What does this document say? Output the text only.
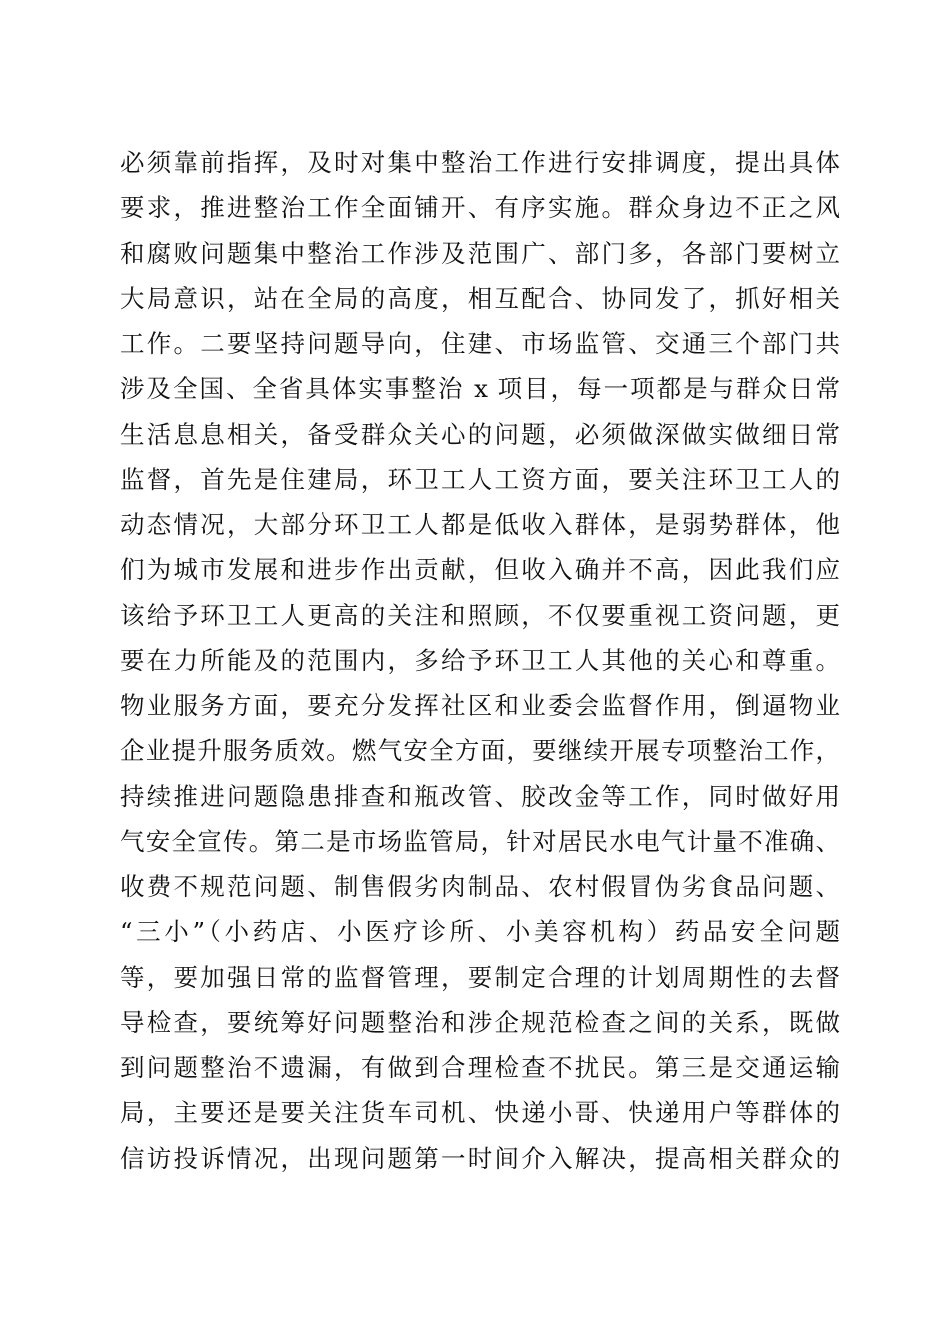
必须靠前指挥，及时对集中整治工作进行安排调度，提出具体
要求，推进整治工作全面铺开、有序实施。群众身边不正之风
和腐败问题集中整治工作涉及范围广、部门多，各部门要树立
大局意识，站在全局的高度，相互配合、协同发了，抓好相关
工作。二要坚持问题导向，住建、市场监管、交通三个部门共
涉及全国、全省具体实事整治 x 项目，每一项都是与群众日常
生活息息相关，备受群众关心的问题，必须做深做实做细日常
监督，首先是住建局，环卫工人工资方面，要关注环卫工人的
动态情况，大部分环卫工人都是低收入群体，是弱势群体，他
们为城市发展和进步作出贡献，但收入确并不高，因此我们应
该给予环卫工人更高的关注和照顾，不仅要重视工资问题，更
要在力所能及的范围内，多给予环卫工人其他的关心和尊重。
物业服务方面，要充分发挥社区和业委会监督作用，倒逼物业
企业提升服务质效。燃气安全方面，要继续开展专项整治工作，
持续推进问题隐患排查和瓶改管、胶改金等工作，同时做好用
气安全宣传。第二是市场监管局，针对居民水电气计量不准确、
收费不规范问题、制售假劣肉制品、农村假冒伪劣食品问题、
“三小”（小药店、小医疗诊所、小美容机构）药品安全问题
等，要加强日常的监督管理，要制定合理的计划周期性的去督
导检查，要统筹好问题整治和涉企规范检查之间的关系，既做
到问题整治不遗漏，有做到合理检查不扰民。第三是交通运输
局，主要还是要关注货车司机、快递小哥、快递用户等群体的
信访投诉情况，出现问题第一时间介入解决，提高相关群众的
